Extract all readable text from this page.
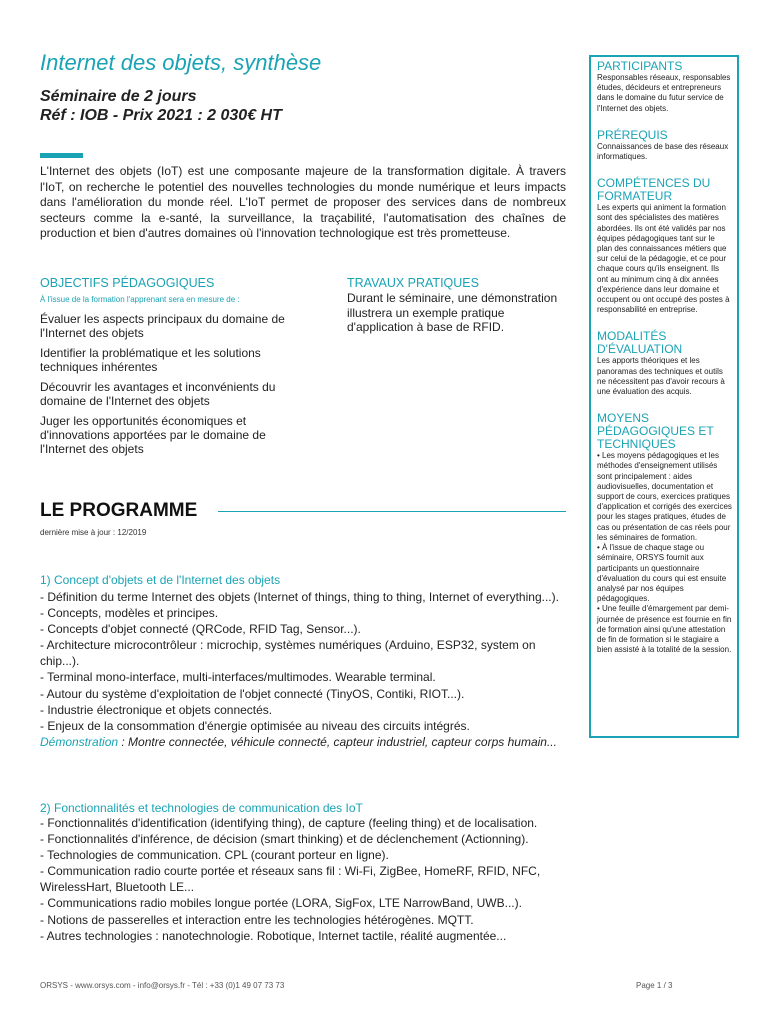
Internet des objets, synthèse
Séminaire de 2 jours
Réf : IOB - Prix 2021 : 2 030€ HT
L'Internet des objets (IoT) est une composante majeure de la transformation digitale. À travers l'IoT, on recherche le potentiel des nouvelles technologies du monde numérique et leurs impacts dans l'amélioration du monde réel. L'IoT permet de proposer des services dans de nombreux secteurs comme la e-santé, la surveillance, la traçabilité, l'automatisation des chaînes de production et bien d'autres domaines où l'innovation technologique est très prometteuse.
OBJECTIFS PÉDAGOGIQUES
À l'issue de la formation l'apprenant sera en mesure de :
Évaluer les aspects principaux du domaine de l'Internet des objets
Identifier la problématique et les solutions techniques inhérentes
Découvrir les avantages et inconvénients du domaine de l'Internet des objets
Juger les opportunités économiques et d'innovations apportées par le domaine de l'Internet des objets
TRAVAUX PRATIQUES
Durant le séminaire, une démonstration illustrera un exemple pratique d'application à base de RFID.
LE PROGRAMME
dernière mise à jour : 12/2019
1) Concept d'objets et de l'Internet des objets
- Définition du terme Internet des objets (Internet of things, thing to thing, Internet of everything...).
- Concepts, modèles et principes.
- Concepts d'objet connecté (QRCode, RFID Tag, Sensor...).
- Architecture microcontrôleur : microchip, systèmes numériques (Arduino, ESP32, system on chip...).
- Terminal mono-interface, multi-interfaces/multimodes. Wearable terminal.
- Autour du système d'exploitation de l'objet connecté (TinyOS, Contiki, RIOT...).
- Industrie électronique et objets connectés.
- Enjeux de la consommation d'énergie optimisée au niveau des circuits intégrés.
Démonstration : Montre connectée, véhicule connecté, capteur industriel, capteur corps humain...
2) Fonctionnalités et technologies de communication des IoT
- Fonctionnalités d'identification (identifying thing), de capture (feeling thing) et de localisation.
- Fonctionnalités d'inférence, de décision (smart thinking) et de déclenchement (Actionning).
- Technologies de communication. CPL (courant porteur en ligne).
- Communication radio courte portée et réseaux sans fil : Wi-Fi, ZigBee, HomeRF, RFID, NFC, WirelessHart, Bluetooth LE...
- Communications radio mobiles longue portée (LORA, SigFox, LTE NarrowBand, UWB...).
- Notions de passerelles et interaction entre les technologies hétérogènes. MQTT.
- Autres technologies : nanotechnologie. Robotique, Internet tactile, réalité augmentée...

PARTICIPANTS

Responsables réseaux, responsables études, décideurs et entrepreneurs dans le domaine du futur service de l'Internet des objets.

PRÉREQUIS

Connaissances de base des réseaux informatiques.

COMPÉTENCES DU FORMATEUR

Les experts qui animent la formation sont des spécialistes des matières abordées. Ils ont été validés par nos équipes pédagogiques tant sur le plan des connaissances métiers que sur celui de la pédagogie, et ce pour chaque cours qu'ils enseignent. Ils ont au minimum cinq à dix années d'expérience dans leur domaine et occupent ou ont occupé des postes à responsabilité en entreprise.

MODALITÉS D'ÉVALUATION

Les apports théoriques et les panoramas des techniques et outils ne nécessitent pas d'avoir recours à une évaluation des acquis.

MOYENS PÉDAGOGIQUES ET TECHNIQUES

• Les moyens pédagogiques et les méthodes d'enseignement utilisés sont principalement : aides audiovisuelles, documentation et support de cours, exercices pratiques d'application et corrigés des exercices pour les stages pratiques, études de cas ou présentation de cas réels pour les séminaires de formation.

• À l'issue de chaque stage ou séminaire, ORSYS fournit aux participants un questionnaire d'évaluation du cours qui est ensuite analysé par nos équipes pédagogiques.

• Une feuille d'émargement par demi-journée de présence est fournie en fin de formation ainsi qu'une attestation de fin de formation si le stagiaire a bien assisté à la totalité de la session.

ORSYS - www.orsys.com - info@orsys.fr - Tél : +33 (0)1 49 07 73 73	Page 1 / 3
